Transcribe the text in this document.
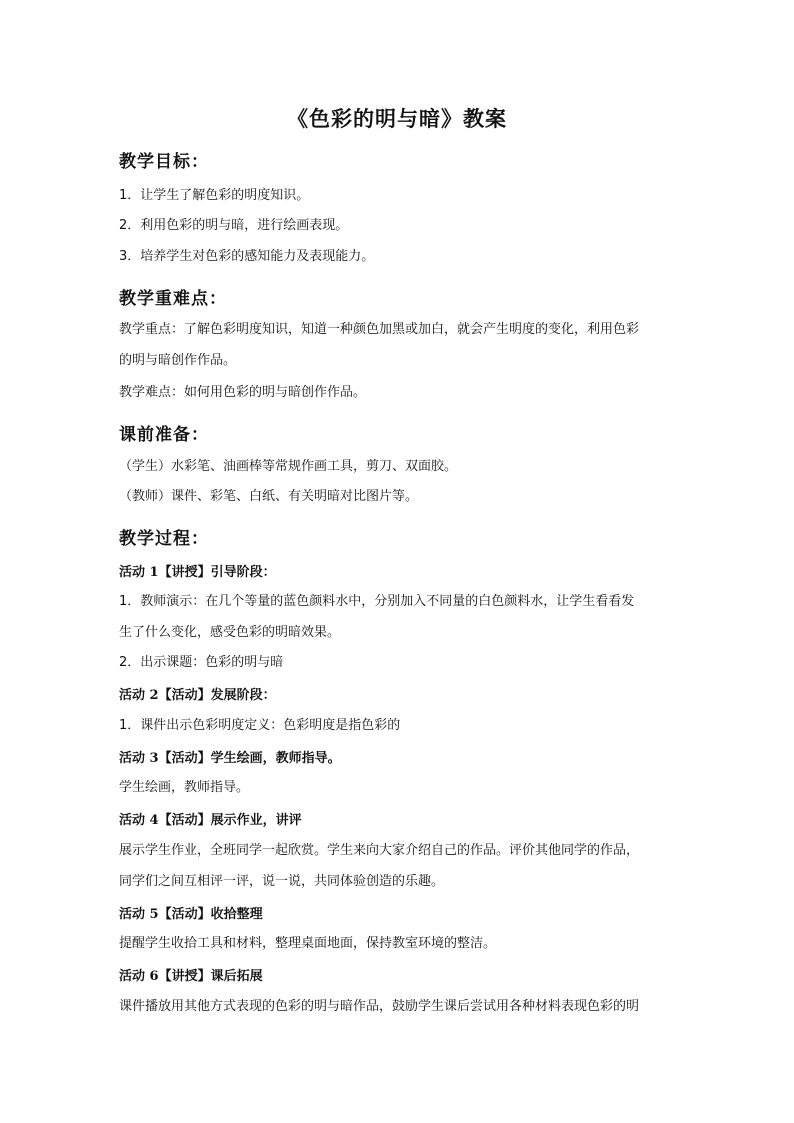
《色彩的明与暗》教案
教学目标：
1．让学生了解色彩的明度知识。
2．利用色彩的明与暗，进行绘画表现。
3．培养学生对色彩的感知能力及表现能力。
教学重难点：
教学重点：了解色彩明度知识，知道一种颜色加黑或加白，就会产生明度的变化，利用色彩
的明与暗创作作品。
教学难点：如何用色彩的明与暗创作作品。
课前准备：
（学生）水彩笔、油画棒等常规作画工具，剪刀、双面胶。
（教师）课件、彩笔、白纸、有关明暗对比图片等。
教学过程：
活动 1【讲授】引导阶段：
1．教师演示：在几个等量的蓝色颜料水中，分别加入不同量的白色颜料水，让学生看看发
生了什么变化，感受色彩的明暗效果。
2．出示课题：色彩的明与暗
活动 2【活动】发展阶段：
1．课件出示色彩明度定义：色彩明度是指色彩的
活动 3【活动】学生绘画，教师指导。
学生绘画，教师指导。
活动 4【活动】展示作业，讲评
展示学生作业，全班同学一起欣赏。学生来向大家介绍自己的作品。评价其他同学的作品，
同学们之间互相评一评，说一说，共同体验创造的乐趣。
活动 5【活动】收拾整理
提醒学生收拾工具和材料，整理桌面地面，保持教室环境的整洁。
活动 6【讲授】课后拓展
课件播放用其他方式表现的色彩的明与暗作品，鼓励学生课后尝试用各种材料表现色彩的明
